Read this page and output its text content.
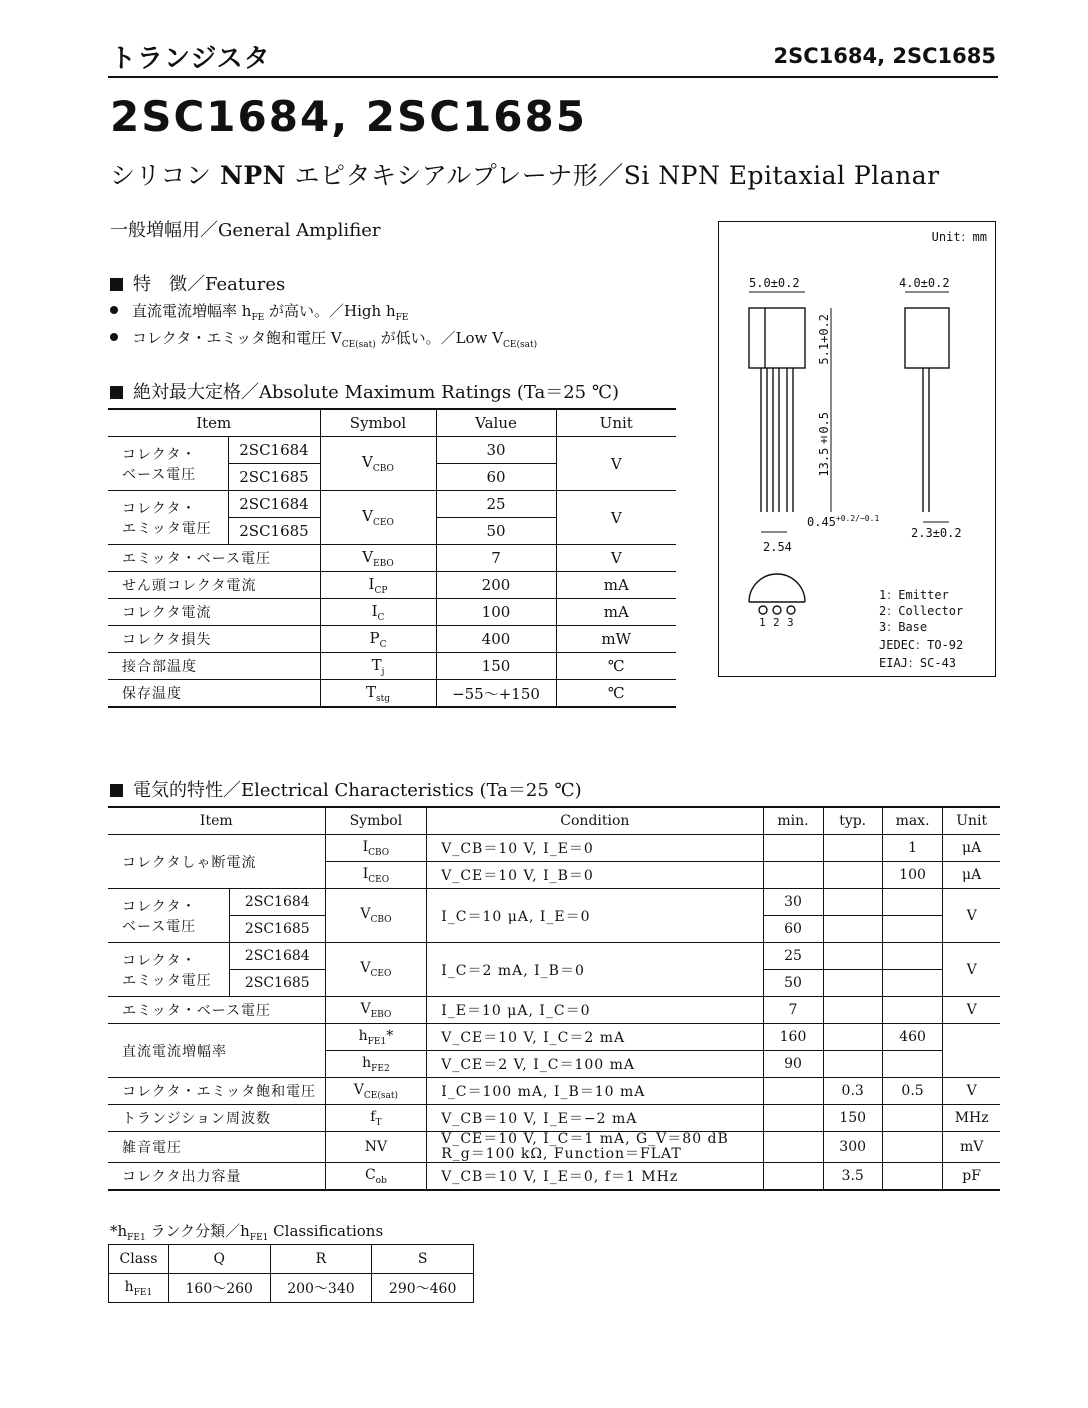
トランジスタ	2SC1684, 2SC1685
2SC1684, 2SC1685
シリコン NPN エピタキシアルプレーナ形／Si NPN Epitaxial Planar
一般増幅用／General Amplifier
特　徴／Features
直流電流増幅率 $h_{FE}$ が高い。／High $h_{FE}$
コレクタ・エミッタ飽和電圧 $V_{CE(sat)}$ が低い。／Low $V_{CE(sat)}$
絶対最大定格／Absolute Maximum Ratings (Ta＝25 ℃)
Item		Symbol	Value	Unit
コレクタ・
ベース電圧	2SC1684	$V_{CBO}$	30	V
	2SC1685		60	
コレクタ・
エミッタ電圧	2SC1684	$V_{CEO}$	25	V
	2SC1685		50	
エミッタ・ベース電圧		$V_{EBO}$	7	V
せん頭コレクタ電流		$I_{CP}$	200	mA
コレクタ電流		$I_C$	100	mA
コレクタ損失		$P_C$	400	mW
接合部温度		$T_j$	150	℃
保存温度		$T_{stg}$	−55～+150	℃
Unit：mm
5.0±0.2	4.0±0.2
5.1+0.2
13.5±0.5
$0.45^{+0.2/-0.1}$
2.54
2.3±0.2
1 2 3
1：Emitter
2：Collector
3：Base
JEDEC：TO-92
EIAJ：SC-43
電気的特性／Electrical Characteristics (Ta＝25 ℃)
Item		Symbol	Condition	min.	typ.	max.	Unit
コレクタしゃ断電流		$I_{CBO}$	V_CB＝10 V, I_E＝0			1	μA
		$I_{CEO}$	V_CE＝10 V, I_B＝0			100	μA
コレクタ・
ベース電圧	2SC1684	$V_{CBO}$	I_C＝10 μA, I_E＝0	30			V
	2SC1685			60			
コレクタ・
エミッタ電圧	2SC1684	$V_{CEO}$	I_C＝2 mA, I_B＝0	25			V
	2SC1685			50			
エミッタ・ベース電圧		$V_{EBO}$	I_E＝10 μA, I_C＝0	7			V
直流電流増幅率		$h_{FE1}*$	V_CE＝10 V, I_C＝2 mA	160		460	
		$h_{FE2}$	V_CE＝2 V, I_C＝100 mA	90			
コレクタ・エミッタ飽和電圧		$V_{CE(sat)}$	I_C＝100 mA, I_B＝10 mA		0.3	0.5	V
トランジション周波数		$f_T$	V_CB＝10 V, I_E＝−2 mA		150		MHz
雑音電圧		NV	V_CE＝10 V, I_C＝1 mA, G_V＝80 dB
R_g＝100 kΩ, Function＝FLAT		300		mV
コレクタ出力容量		$C_{ob}$	V_CB＝10 V, I_E＝0, f＝1 MHz		3.5		pF
$*h_{FE1}$ ランク分類$/h_{FE1}$ Classifications
Class	Q	R	S
$h_{FE1}$	160～260	200～340	290～460
